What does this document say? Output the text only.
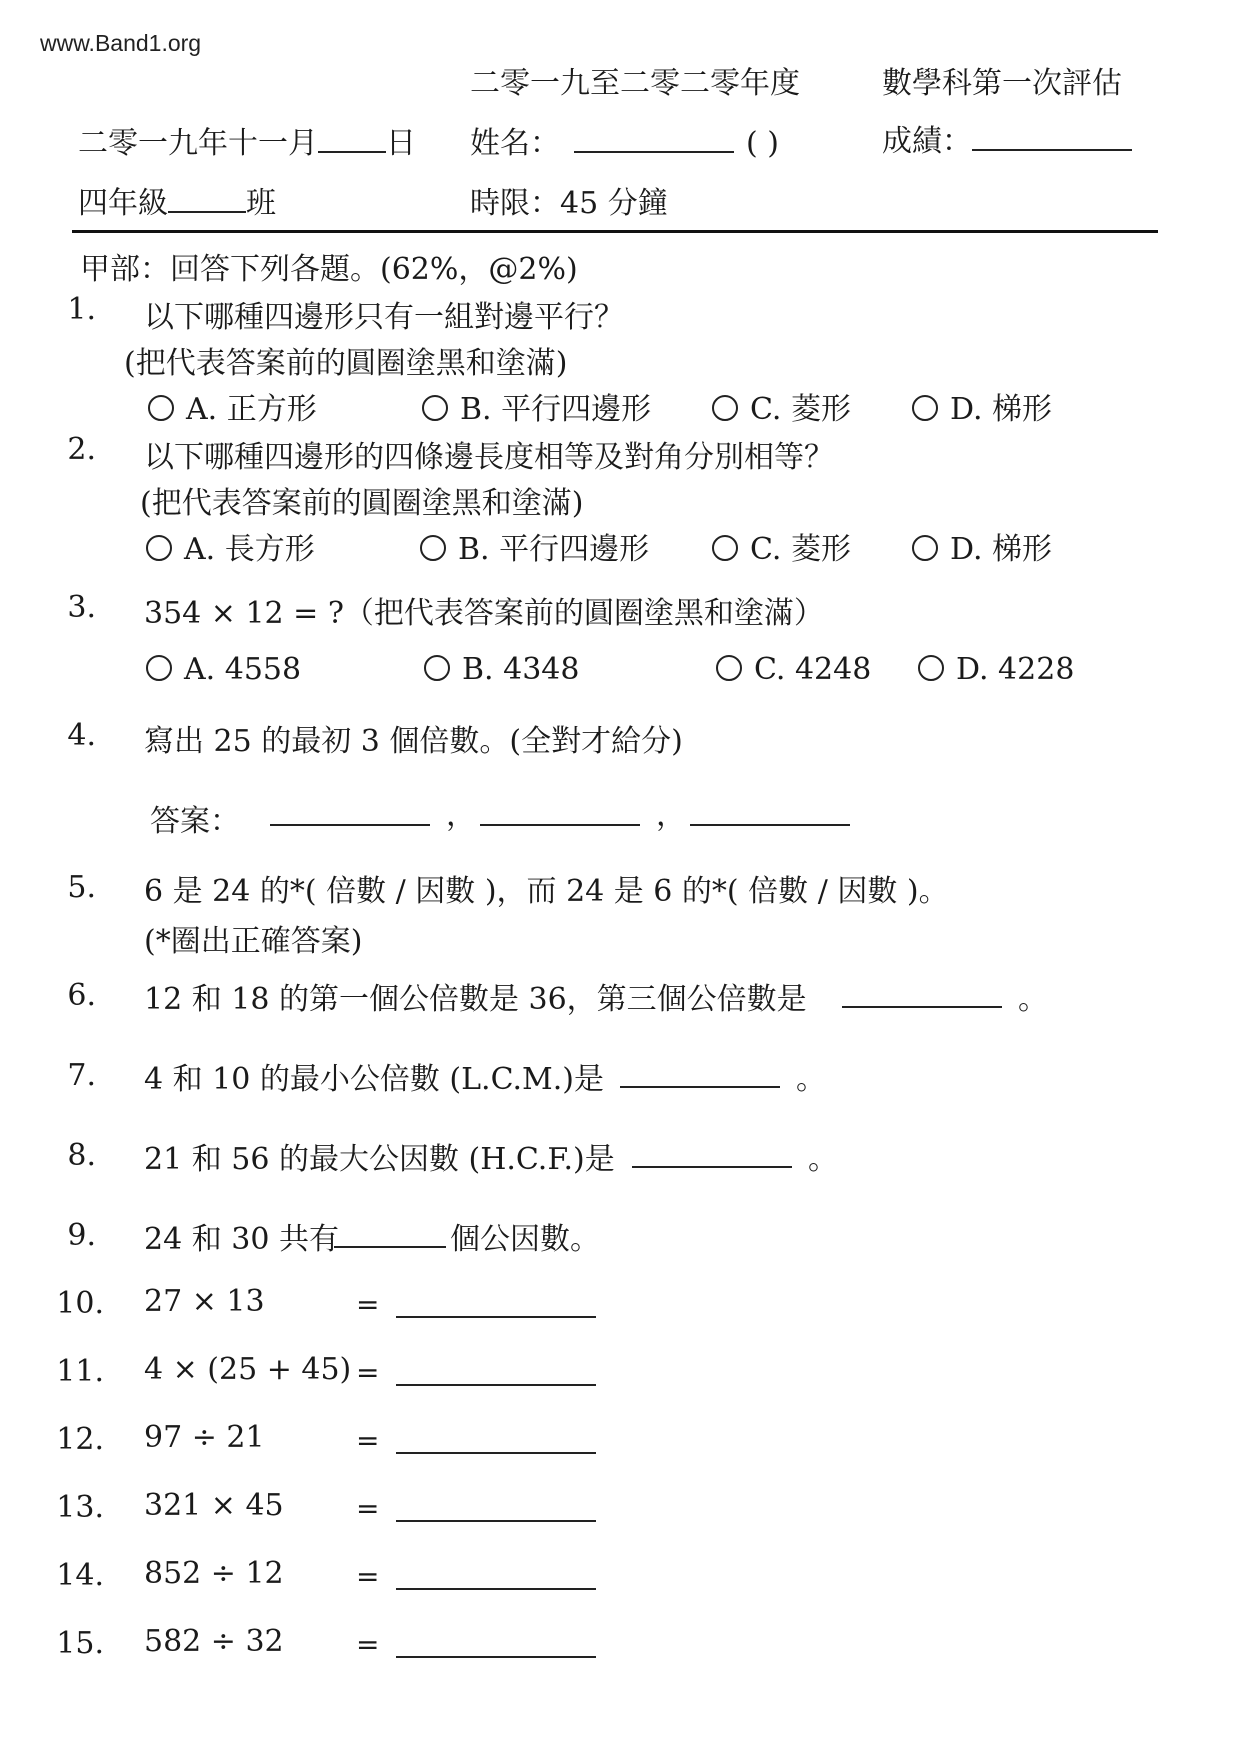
www.Band1.org
二零一九至二零二零年度	數學科第一次評估
二零一九年十一月 日 姓名：	( )	成績：
四年級	班	時限：45 分鐘
甲部：回答下列各題。(62%，@2%)
1. 以下哪種四邊形只有一組對邊平行？
(把代表答案前的圓圈塗黑和塗滿)
A. 正方形	B. 平行四邊形	C. 菱形	D. 梯形
2. 以下哪種四邊形的四條邊長度相等及對角分別相等？
(把代表答案前的圓圈塗黑和塗滿)
A. 長方形	B. 平行四邊形	C. 菱形	D. 梯形
3. 354 × 12 = ?（把代表答案前的圓圈塗黑和塗滿）
A. 4558	B. 4348	C. 4248	D. 4228
4. 寫出 25 的最初 3 個倍數。(全對才給分)
答案：	，	，
5. 6 是 24 的*( 倍數 / 因數 )，而 24 是 6 的*( 倍數 / 因數 )。
(*圈出正確答案)
6. 12 和 18 的第一個公倍數是 36，第三個公倍數是	。
7. 4 和 10 的最小公倍數 (L.C.M.)是	。
8. 21 和 56 的最大公因數 (H.C.F.)是	。
9. 24 和 30 共有	個公因數。
10. 27 × 13	=
11. 4 × (25 + 45) =
12. 97 ÷ 21	=
13. 321 × 45	=
14. 852 ÷ 12	=
15. 582 ÷ 32	=
